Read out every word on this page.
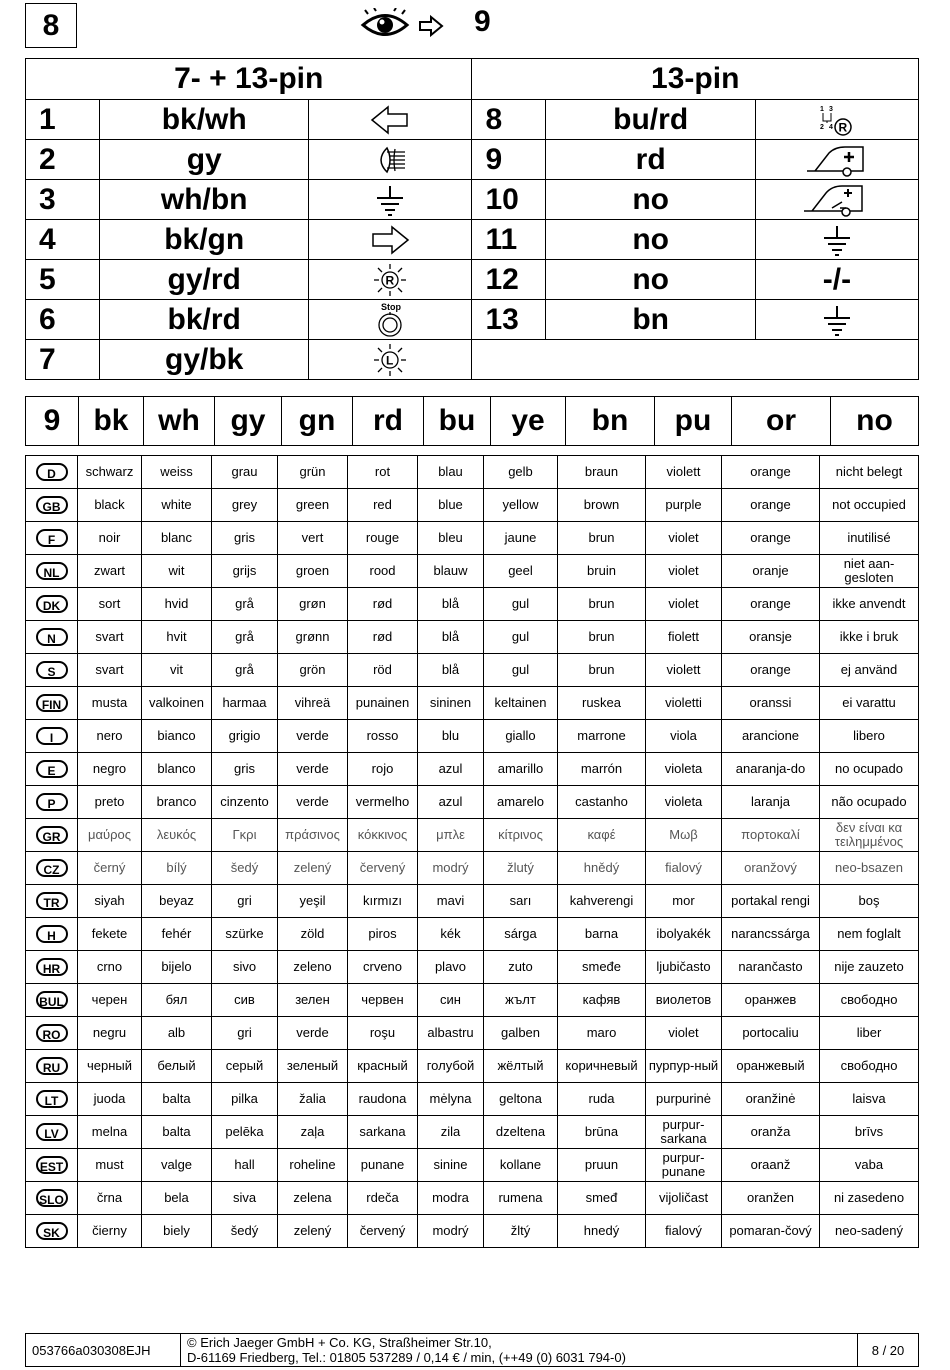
8	9
7- + 13-pin			13-pin		
1	bk/wh		8	bu/rd	1 3
2 4 R

2	gy		9	rd	

3	wh/bn		10	no	

4	bk/gn		11	no	

5	gy/rd	R	12	no	-/-
6	bk/rd	Stop	13	bn	

7	gy/bk	L			

9	bk	wh	gy	gn	rd	bu	ye	bn	pu	or	no
D	schwarz	weiss	grau	grün	rot	blau	gelb	braun	violett	orange	nicht belegt
GB	black	white	grey	green	red	blue	yellow	brown	purple	orange	not occupied
F	noir	blanc	gris	vert	rouge	bleu	jaune	brun	violet	orange	inutilisé
NL	zwart	wit	grijs	groen	rood	blauw	geel	bruin	violet	oranje	niet aan-gesloten
DK	sort	hvid	grå	grøn	rød	blå	gul	brun	violet	orange	ikke anvendt
N	svart	hvit	grå	grønn	rød	blå	gul	brun	fiolett	oransje	ikke i bruk
S	svart	vit	grå	grön	röd	blå	gul	brun	violett	orange	ej använd
FIN	musta	valkoinen	harmaa	vihreä	punainen	sininen	keltainen	ruskea	violetti	oranssi	ei varattu
I	nero	bianco	grigio	verde	rosso	blu	giallo	marrone	viola	arancione	libero
E	negro	blanco	gris	verde	rojo	azul	amarillo	marrón	violeta	anaranja-do	no ocupado
P	preto	branco	cinzento	verde	vermelho	azul	amarelo	castanho	violeta	laranja	não ocupado
GR	μαύρος	λευκός	Γκρι	πράσινος	κόκκινος	μπλε	κίτρινος	καφέ	Μωβ	πορτοκαλί	δεν είναι κα τειλημμένος
CZ	černý	bílý	šedý	zelený	červený	modrý	žlutý	hnědý	fialový	oranžový	neo-bsazen
TR	siyah	beyaz	gri	yeşil	kırmızı	mavi	sarı	kahverengi	mor	portakal rengi	boş
H	fekete	fehér	szürke	zöld	piros	kék	sárga	barna	ibolyakék	narancssárga	nem foglalt
HR	crno	bijelo	sivo	zeleno	crveno	plavo	zuto	smeđe	ljubičasto	narančasto	nije zauzeto
BUL	черен	бял	сив	зелен	червен	син	жълт	кафяв	виолетов	оранжев	свободно
RO	negru	alb	gri	verde	roşu	albastru	galben	maro	violet	portocaliu	liber
RU	черный	белый	серый	зеленый	красный	голубой	жёлтый	коричневый	пурпур-ный	оранжевый	свободно
LT	juoda	balta	pilka	žalia	raudona	mėlyna	geltona	ruda	purpurinė	oranžinė	laisva
LV	melna	balta	pelēka	zaļa	sarkana	zila	dzeltena	brūna	purpur-sarkana	oranža	brīvs
EST	must	valge	hall	roheline	punane	sinine	kollane	pruun	purpur-punane	oraanž	vaba
SLO	črna	bela	siva	zelena	rdeča	modra	rumena	smeđ	vijoličast	oranžen	ni zasedeno
SK	čierny	biely	šedý	zelený	červený	modrý	žltý	hnedý	fialový	pomaran-čový	neo-sadený
053766a030308EJH	© Erich Jaeger GmbH + Co. KG, Straßheimer Str.10,
D-61169 Friedberg, Tel.: 01805 537289 / 0,14 € / min, (++49 (0) 6031 794-0)	8 / 20
